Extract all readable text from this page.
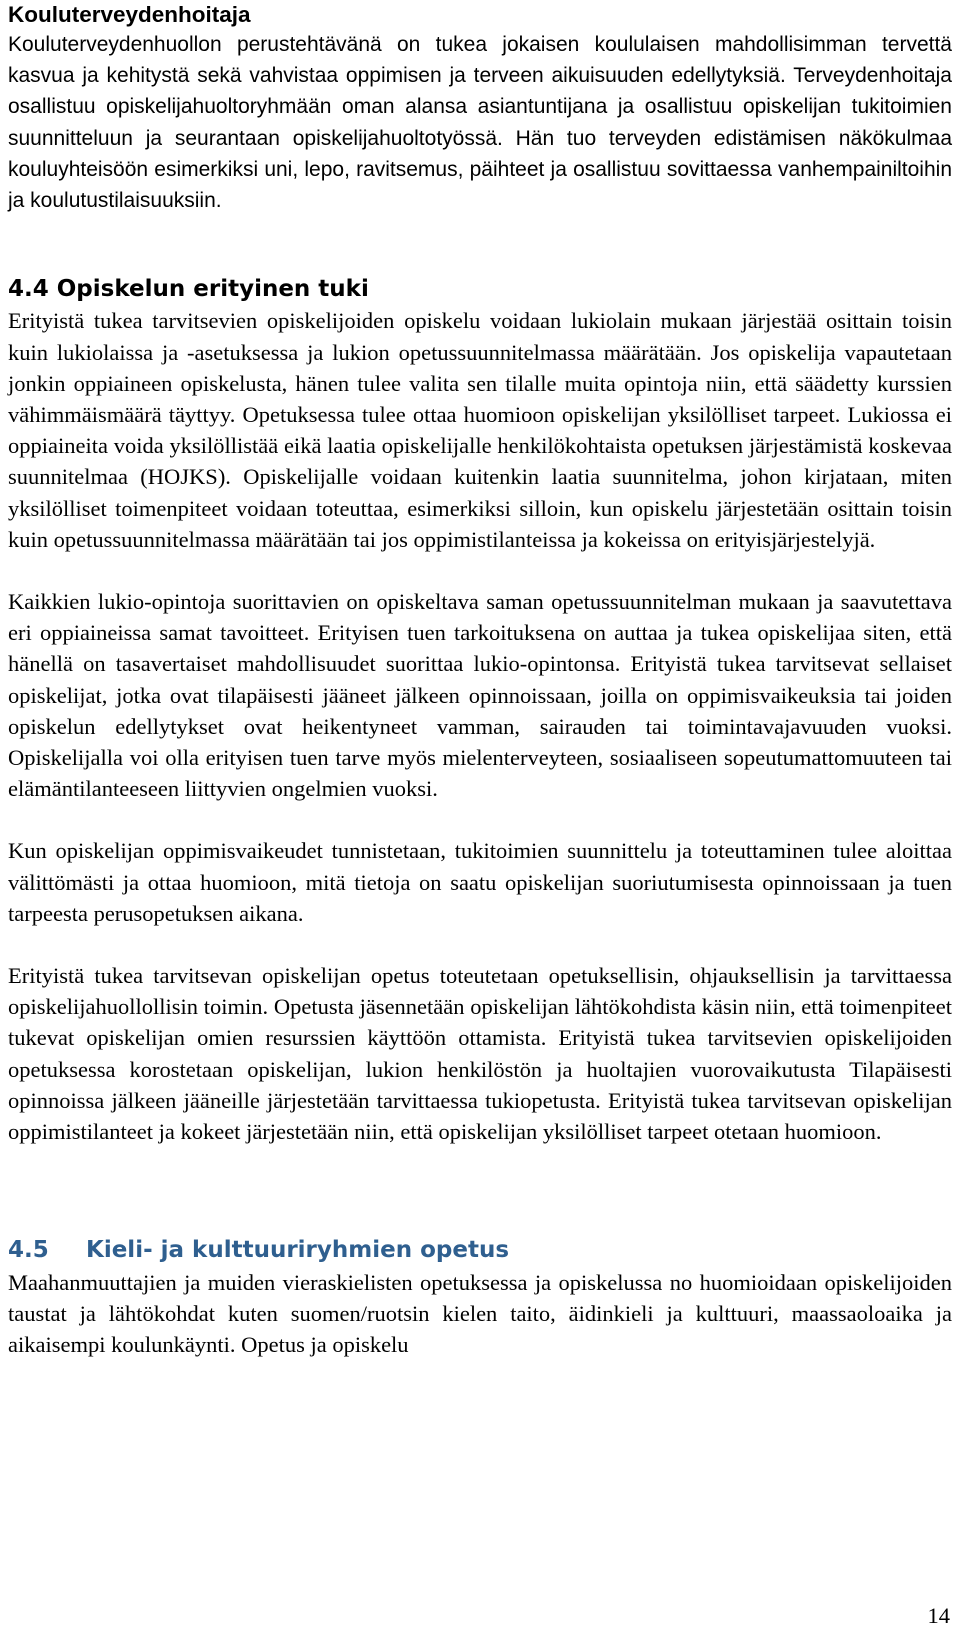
Kouluterveydenhoitaja

Kouluterveydenhuollon perustehtävänä on tukea jokaisen koululaisen mahdollisimman tervettä kasvua ja kehitystä sekä vahvistaa oppimisen ja terveen aikuisuuden edellytyksiä. Terveydenhoitaja osallistuu opiskelijahuoltoryhmään oman alansa asiantuntijana ja osallistuu opiskelijan tukitoimien suunnitteluun ja seurantaan opiskelijahuoltotyössä. Hän tuo terveyden edistämisen näkökulmaa kouluyhteisöön esimerkiksi uni, lepo, ravitsemus, päihteet ja osallistuu sovittaessa vanhempainiltoihin ja koulutustilaisuuksiin.

4.4 Opiskelun erityinen tuki

Erityistä tukea tarvitsevien opiskelijoiden opiskelu voidaan lukiolain mukaan järjestää osittain toisin kuin lukiolaissa ja -asetuksessa ja lukion opetussuunnitelmassa määrätään. Jos opiskelija vapautetaan jonkin oppiaineen opiskelusta, hänen tulee valita sen tilalle muita opintoja niin, että säädetty kurssien vähimmäismäärä täyttyy. Opetuksessa tulee ottaa huomioon opiskelijan yksilölliset tarpeet. Lukiossa ei oppiaineita voida yksilöllistää eikä laatia opiskelijalle henkilökohtaista opetuksen järjestämistä koskevaa suunnitelmaa (HOJKS). Opiskelijalle voidaan kuitenkin laatia suunnitelma, johon kirjataan, miten yksilölliset toimenpiteet voidaan toteuttaa, esimerkiksi silloin, kun opiskelu järjestetään osittain toisin kuin opetussuunnitelmassa määrätään tai jos oppimistilanteissa ja kokeissa on erityisjärjestelyjä.

Kaikkien lukio-opintoja suorittavien on opiskeltava saman opetussuunnitelman mukaan ja saavutettava eri oppiaineissa samat tavoitteet. Erityisen tuen tarkoituksena on auttaa ja tukea opiskelijaa siten, että hänellä on tasavertaiset mahdollisuudet suorittaa lukio-opintonsa. Erityistä tukea tarvitsevat sellaiset opiskelijat, jotka ovat tilapäisesti jääneet jälkeen opinnoissaan, joilla on oppimisvaikeuksia tai joiden opiskelun edellytykset ovat heikentyneet vamman, sairauden tai toimintavajavuuden vuoksi. Opiskelijalla voi olla erityisen tuen tarve myös mielenterveyteen, sosiaaliseen sopeutumattomuuteen tai elämäntilanteeseen liittyvien ongelmien vuoksi.

Kun opiskelijan oppimisvaikeudet tunnistetaan, tukitoimien suunnittelu ja toteuttaminen tulee aloittaa välittömästi ja ottaa huomioon, mitä tietoja on saatu opiskelijan suoriutumisesta opinnoissaan ja tuen tarpeesta perusopetuksen aikana.

Erityistä tukea tarvitsevan opiskelijan opetus toteutetaan opetuksellisin, ohjauksellisin ja tarvittaessa opiskelijahuollollisin toimin. Opetusta jäsennetään opiskelijan lähtökohdista käsin niin, että toimenpiteet tukevat opiskelijan omien resurssien käyttöön ottamista. Erityistä tukea tarvitsevien opiskelijoiden opetuksessa korostetaan opiskelijan, lukion henkilöstön ja huoltajien vuorovaikutusta Tilapäisesti opinnoissa jälkeen jääneille järjestetään tarvittaessa tukiopetusta. Erityistä tukea tarvitsevan opiskelijan oppimistilanteet ja kokeet järjestetään niin, että opiskelijan yksilölliset tarpeet otetaan huomioon.

4.5 Kieli- ja kulttuuriryhmien opetus

Maahanmuuttajien ja muiden vieraskielisten opetuksessa ja opiskelussa no huomioidaan opiskelijoiden taustat ja lähtökohdat kuten suomen/ruotsin kielen taito, äidinkieli ja kulttuuri, maassaoloaika ja aikaisempi koulunkäynti. Opetus ja opiskelu

14
